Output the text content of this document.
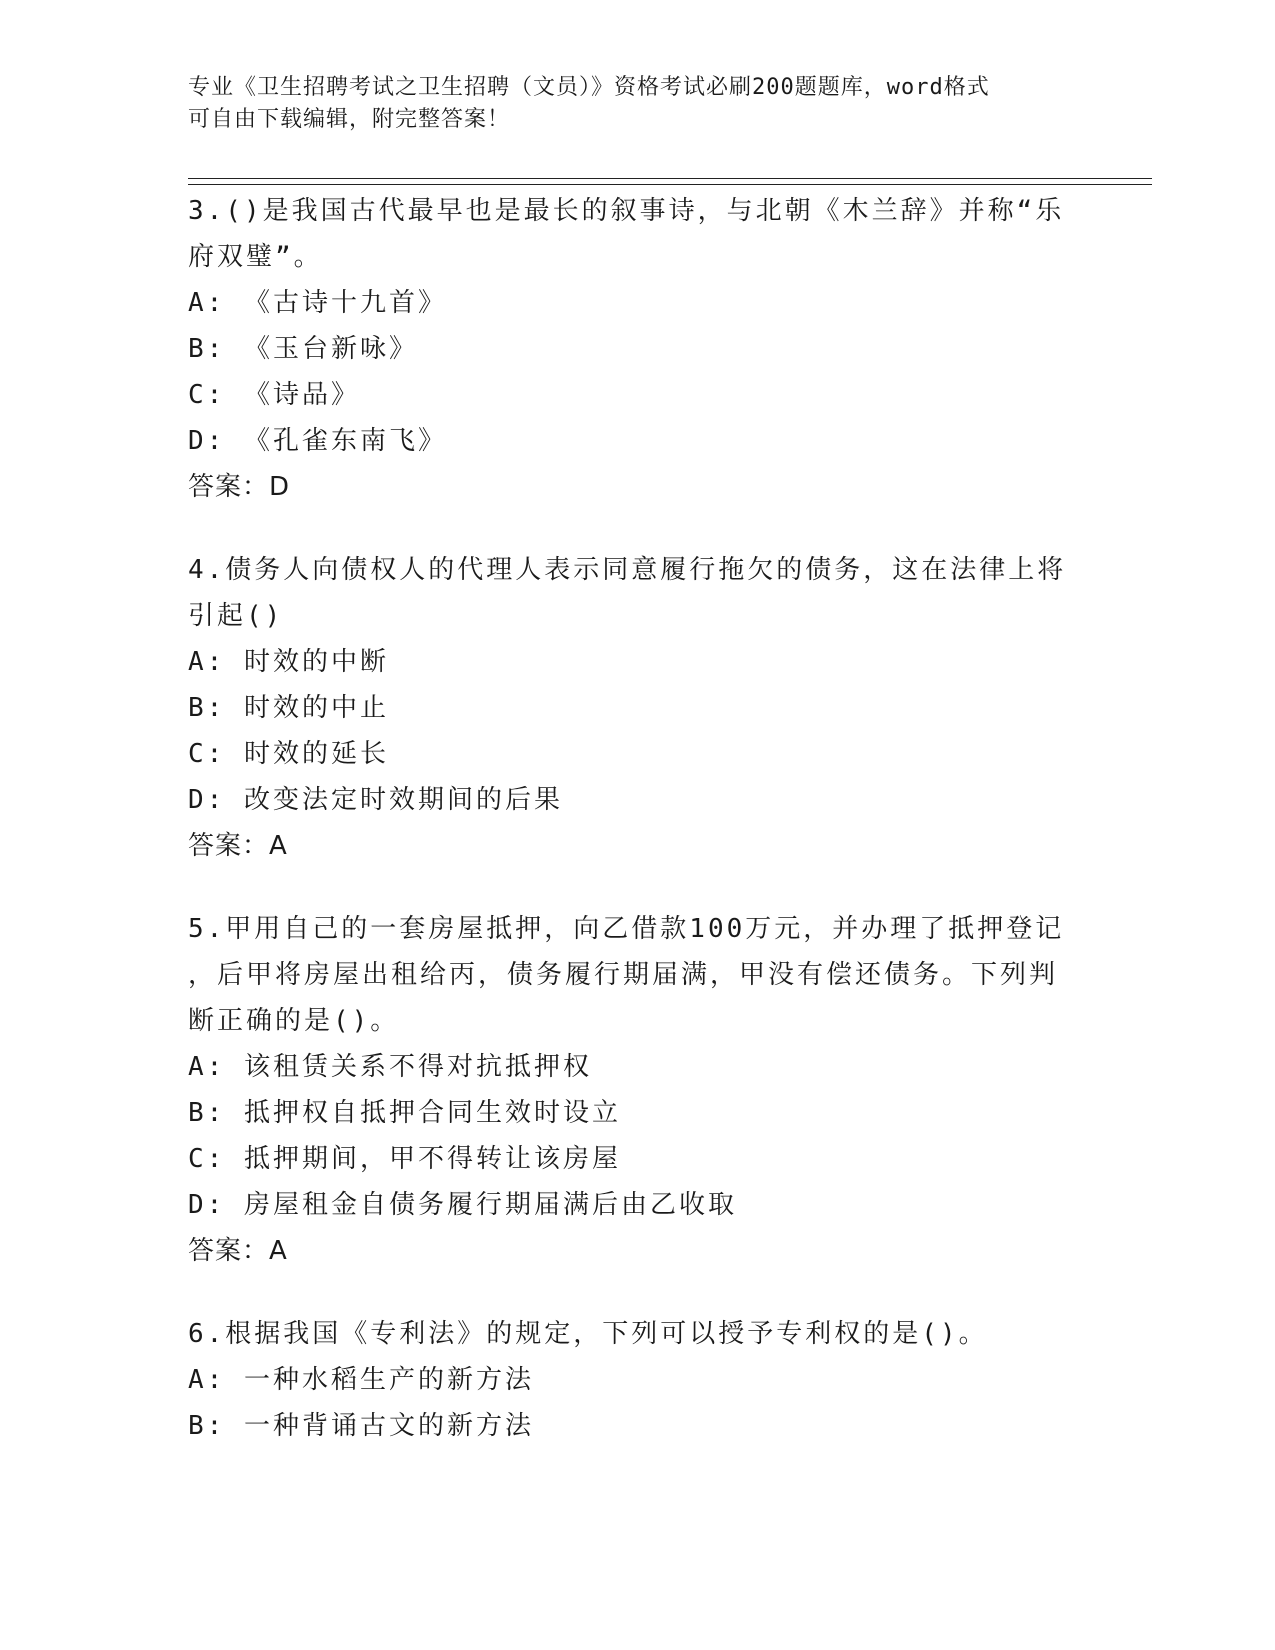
专业《卫生招聘考试之卫生招聘（文员）》资格考试必刷200题题库，word格式
可自由下载编辑，附完整答案！
3.()是我国古代最早也是最长的叙事诗，与北朝《木兰辞》并称“乐
府双璧”。
A: 《古诗十九首》
B: 《玉台新咏》
C: 《诗品》
D: 《孔雀东南飞》
答案：D
4.债务人向债权人的代理人表示同意履行拖欠的债务，这在法律上将
引起()
A: 时效的中断
B: 时效的中止
C: 时效的延长
D: 改变法定时效期间的后果
答案：A
5.甲用自己的一套房屋抵押，向乙借款100万元，并办理了抵押登记
，后甲将房屋出租给丙，债务履行期届满，甲没有偿还债务。下列判
断正确的是()。
A: 该租赁关系不得对抗抵押权
B: 抵押权自抵押合同生效时设立
C: 抵押期间，甲不得转让该房屋
D: 房屋租金自债务履行期届满后由乙收取
答案：A
6.根据我国《专利法》的规定，下列可以授予专利权的是()。
A: 一种水稻生产的新方法
B: 一种背诵古文的新方法
